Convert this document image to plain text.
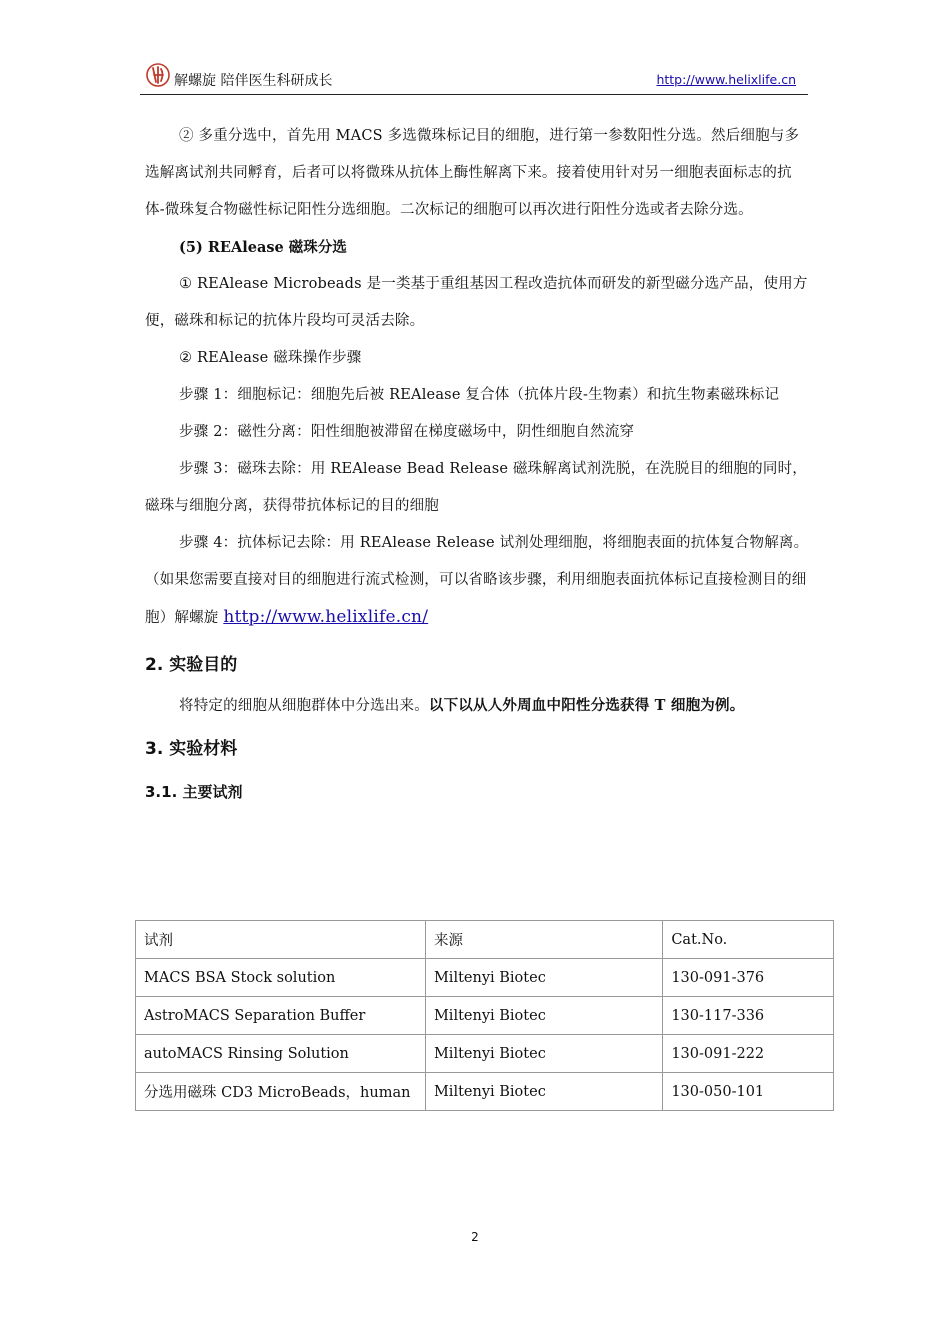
解螺旋 陪伴医生科研成长	http://www.helixlife.cn

② 多重分选中，首先用 MACS 多选微珠标记目的细胞，进行第一参数阳性分选。然后细胞与多选解离试剂共同孵育，后者可以将微珠从抗体上酶性解离下来。接着使用针对另一细胞表面标志的抗体-微珠复合物磁性标记阳性分选细胞。二次标记的细胞可以再次进行阳性分选或者去除分选。

(5) REAlease 磁珠分选

① REAlease Microbeads 是一类基于重组基因工程改造抗体而研发的新型磁分选产品，使用方便，磁珠和标记的抗体片段均可灵活去除。

② REAlease 磁珠操作步骤

步骤 1：细胞标记：细胞先后被 REAlease 复合体（抗体片段-生物素）和抗生物素磁珠标记

步骤 2：磁性分离：阳性细胞被滞留在梯度磁场中，阴性细胞自然流穿

步骤 3：磁珠去除：用 REAlease Bead Release 磁珠解离试剂洗脱，在洗脱目的细胞的同时，磁珠与细胞分离，获得带抗体标记的目的细胞

步骤 4：抗体标记去除：用 REAlease Release 试剂处理细胞，将细胞表面的抗体复合物解离。（如果您需要直接对目的细胞进行流式检测，可以省略该步骤，利用细胞表面抗体标记直接检测目的细胞）解螺旋 http://www.helixlife.cn/

2. 实验目的

将特定的细胞从细胞群体中分选出来。以下以从人外周血中阳性分选获得 T 细胞为例。

3. 实验材料
3.1. 主要试剂
试剂	来源	Cat.No.
MACS BSA Stock solution	Miltenyi Biotec	130-091-376
AstroMACS Separation Buffer	Miltenyi Biotec	130-117-336
autoMACS Rinsing Solution	Miltenyi Biotec	130-091-222
分选用磁珠 CD3 MicroBeads，human	Miltenyi Biotec	130-050-101
2
